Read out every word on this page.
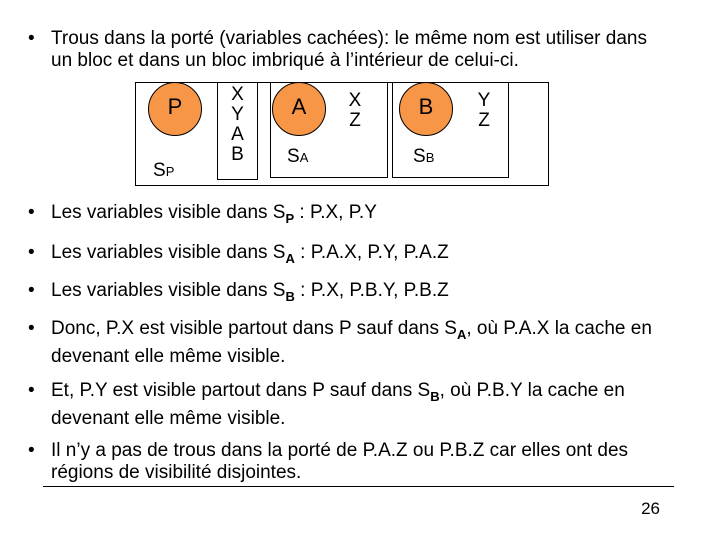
• Trous dans la porté (variables cachées): le même nom est utiliser dans
un bloc et dans un bloc imbriqué à l’intérieur de celui-ci.
P	A	B
X
Y
A
B
X
Z
Y
Z
SP
SA	SB
• Les variables visible dans $S_P$ : P.X, P.Y
• Les variables visible dans $S_A$ : P.A.X, P.Y, P.A.Z
• Les variables visible dans $S_B$ : P.X, P.B.Y, P.B.Z
• Donc, P.X est visible partout dans P sauf dans $S_A$, où P.A.X la cache en
devenant elle même visible.
• Et, P.Y est visible partout dans P sauf dans $S_B$, où P.B.Y la cache en
devenant elle même visible.
• Il n’y a pas de trous dans la porté de P.A.Z ou P.B.Z car elles ont des
régions de visibilité disjointes.
26
